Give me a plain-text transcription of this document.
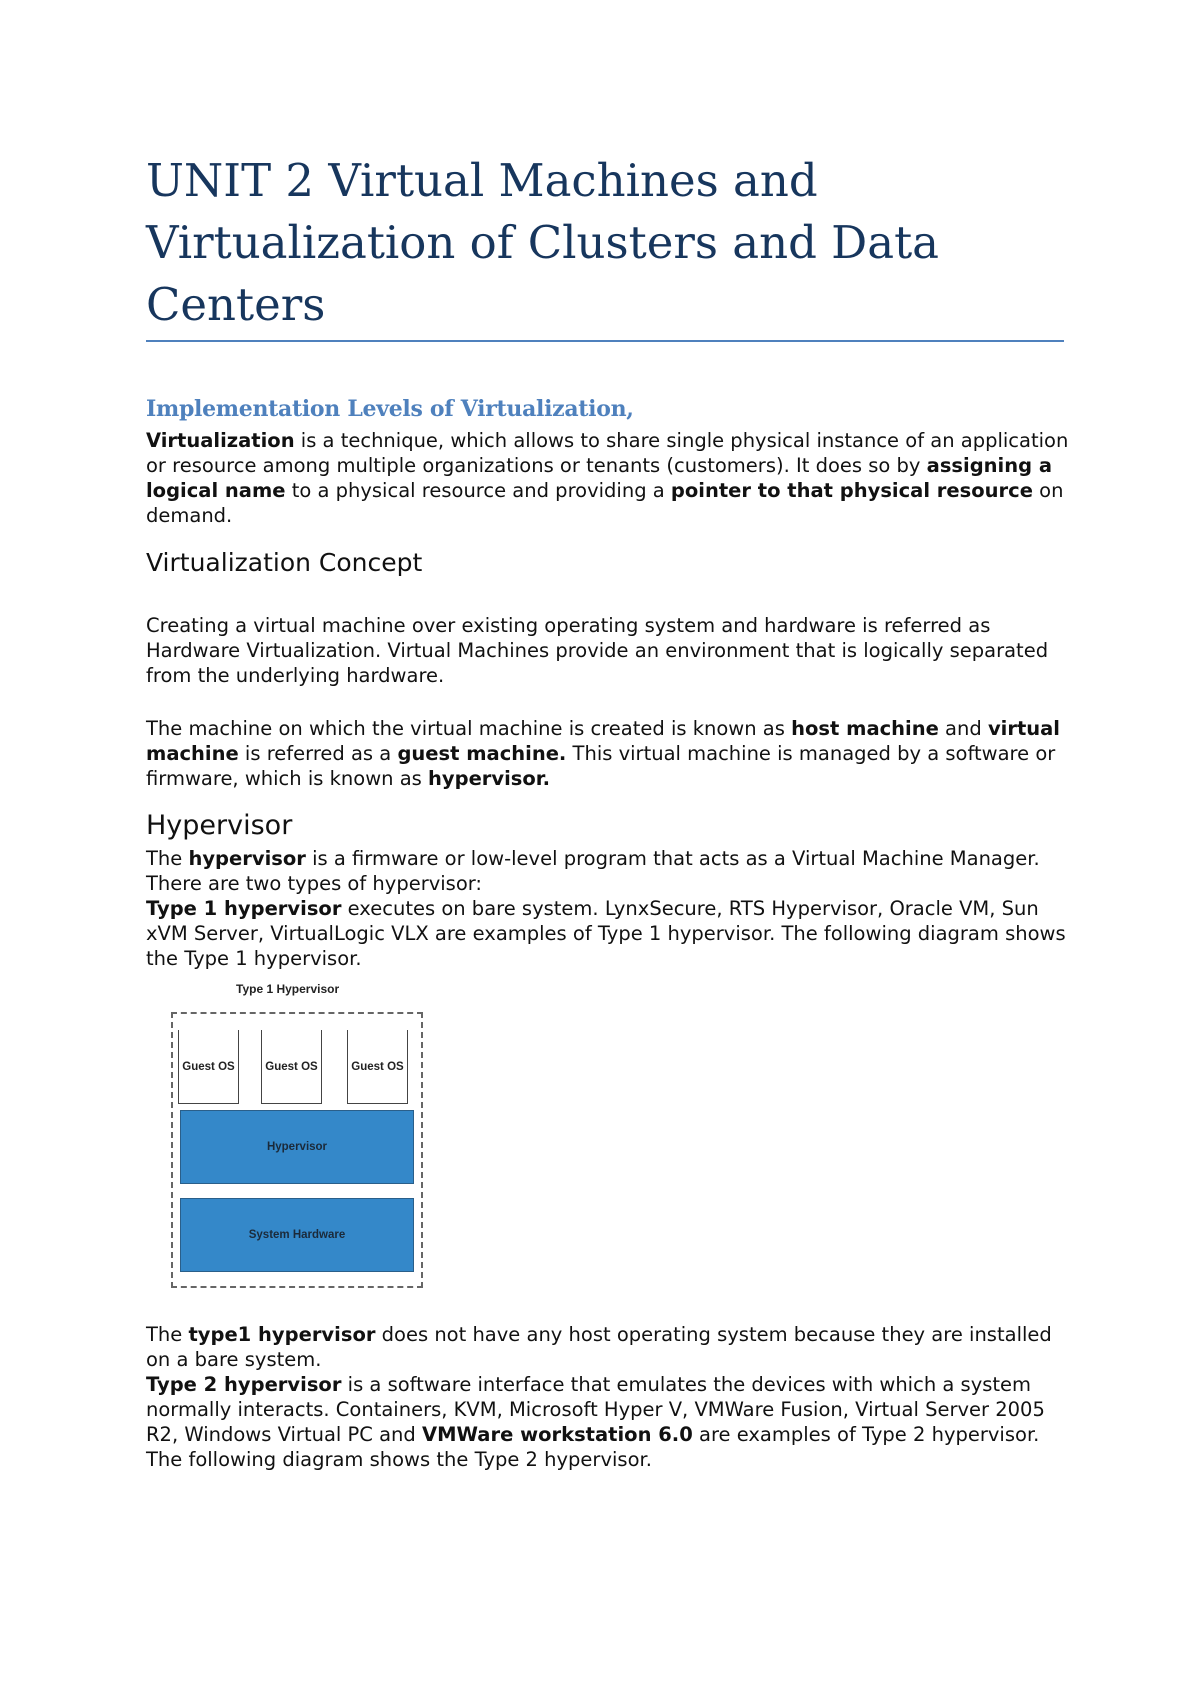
UNIT 2 Virtual Machines and Virtualization of Clusters and Data Centers
Implementation Levels of Virtualization,

Virtualization is a technique, which allows to share single physical instance of an application or resource among multiple organizations or tenants (customers). It does so by assigning a logical name to a physical resource and providing a pointer to that physical resource on demand.

Virtualization Concept

Creating a virtual machine over existing operating system and hardware is referred as Hardware Virtualization. Virtual Machines provide an environment that is logically separated from the underlying hardware.

The machine on which the virtual machine is created is known as host machine and virtual machine is referred as a guest machine. This virtual machine is managed by a software or firmware, which is known as hypervisor.

Hypervisor

The hypervisor is a firmware or low-level program that acts as a Virtual Machine Manager. There are two types of hypervisor:
Type 1 hypervisor executes on bare system. LynxSecure, RTS Hypervisor, Oracle VM, Sun xVM Server, VirtualLogic VLX are examples of Type 1 hypervisor. The following diagram shows the Type 1 hypervisor.

Type 1 Hypervisor
Guest OS	Guest OS	Guest OS
Hypervisor
System Hardware

The type1 hypervisor does not have any host operating system because they are installed on a bare system.
Type 2 hypervisor is a software interface that emulates the devices with which a system normally interacts. Containers, KVM, Microsoft Hyper V, VMWare Fusion, Virtual Server 2005 R2, Windows Virtual PC and VMWare workstation 6.0 are examples of Type 2 hypervisor. The following diagram shows the Type 2 hypervisor.
